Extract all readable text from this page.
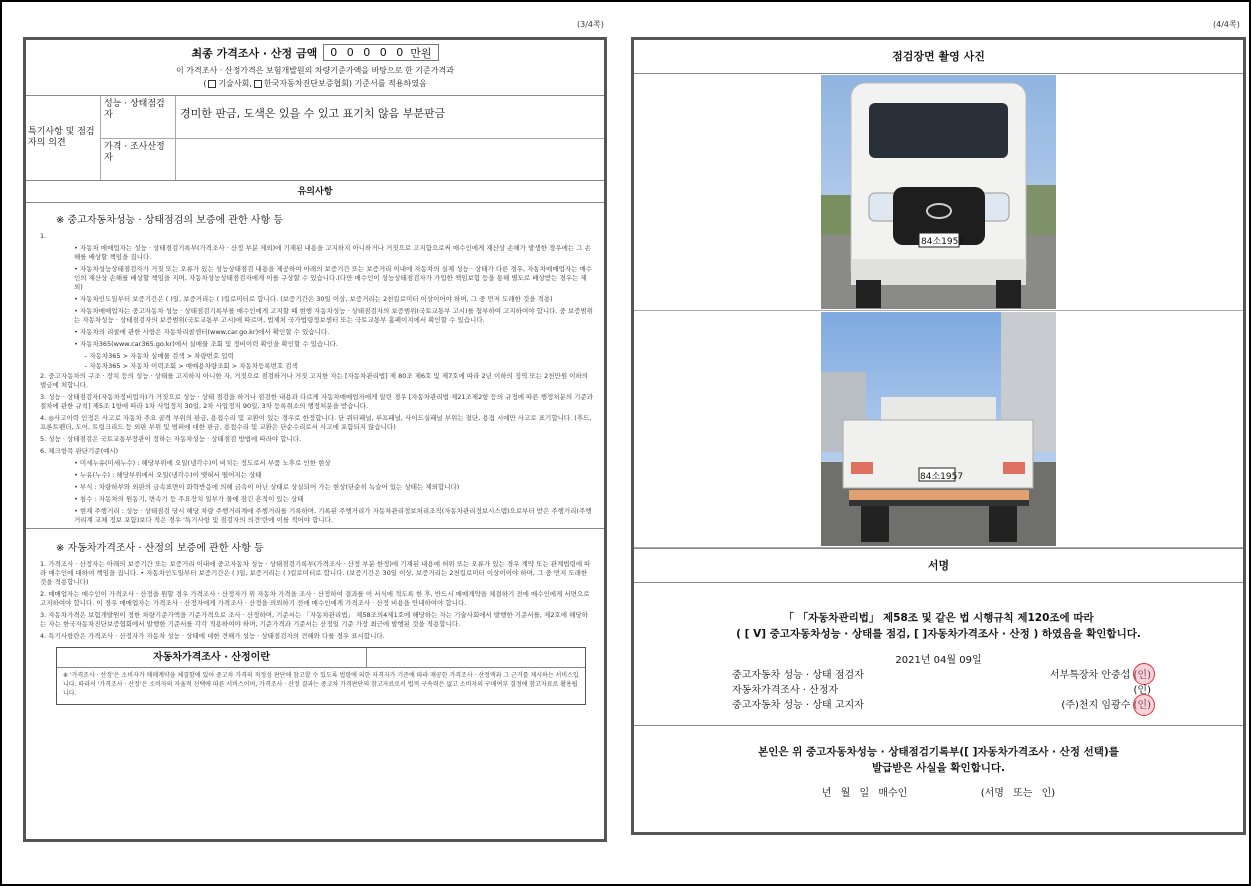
(3/4쪽)	(4/4쪽)
최종 가격조사 · 산정 금액 0 0 0 0 0 만원
이 가격조사 · 산정가격은 보험개발원의 차량기준가액을 바탕으로 한 기준가격과
( 기술사회, 한국자동차진단보증협회) 기준서를 적용하였음
특기사항 및 점검자의 의견
성능 · 상태점검자	경미한 판금, 도색은 있을 수 있고 표기치 않음 부분판금
가격 · 조사산정자
유의사항
※ 중고자동차성능 · 상태점검의 보증에 관한 사항 등
1.
• 자동차 매매업자는 성능 · 상태점검기록부(가격조사 · 산정 부분 제외)에 기재된 내용을 고지하지 아니하거나 거짓으로 고지함으로써 매수인에게 재산상 손해가 발생한 경우에는 그 손해를 배상할 책임을 집니다.
• 자동차성능상태점검자가 거짓 또는 오류가 있는 성능상태점검 내용을 제공하여 아래의 보증기간 또는 보증거리 이내에 자동차의 실제 성능 · 상태가 다른 경우, 자동차매매업자는 매수인의 재산상 손해를 배상할 책임을 지며, 자동차성능상태점검자에게 이를 구상할 수 있습니다.(다만 매수인이 성능상태점검자가 가입한 책임보험 등을 통해 별도로 배상받는 경우는 제외)
• 자동차인도일부터 보증기간은 ( )일, 보증거리는 ( )킬로미터로 합니다. (보증기간은 30일 이상, 보증거리는 2천킬로미터 이상이어야 하며, 그 중 먼저 도래한 것을 적용)
• 자동차매매업자는 중고자동차 성능 · 상태점검기록부를 매수인에게 고지할 때 현행 자동차성능 · 상태점검자의 보증범위(국토교통부 고시)를 첨부하여 고지하여야 합니다. 중 보증범위는 자동차성능 · 상태점검자의 보증범위(국토교통부 고시)에 따르며, 법제처 국가법령정보센터 또는 국토교통부 홈페이지에서 확인할 수 있습니다.
• 자동차의 리콜에 관한 사항은 자동차리콜센터(www.car.go.kr)에서 확인할 수 있습니다.
• 자동차365(www.car365.go.kr)에서 실매물 조회 및 정비이력 확인을 확인할 수 있습니다.
– 자동차365 > 자동차 실매물 검색 > 차량번호 입력
– 자동차365 > 자동차 이력조회 > 매매용차량조회 > 자동차등록번호 검색
2. 중고자동차의 구조 · 장치 등의 성능 · 상태를 고지하지 아니한 자, 거짓으로 점검하거나 거짓 고지한 자는 [자동차관리법] 제 80조 제6호 및 제7호에 따라 2년 이하의 징역 또는 2천만원 이하의 벌금에 처합니다.
3. 성능 · 상태점검자(자동차정비업자)가 거짓으로 성능 · 상태 점검을 하거나 점검한 내용과 다르게 자동차매매업자에게 알린 경우 [자동차관리법 제21조제2항 등의 규정에 따른 행정처분의 기준과 절차에 관한 규칙] 제5조 1항에 따라 1차 사업정지 30일, 2차 사업정지 90일, 3차 등록취소의 행정처분을 받습니다.
4. ◎사고이력 인정은 사고로 자동차 주요 골격 부위의 판금, 용접수리 및 교환이 있는 경우로 한정합니다. 단 쿼터패널, 루프패널, 사이드실패널 부위는 절단, 용접 시에만 사고로 표기합니다. (후드, 프론트펜더, 도어, 트렁크리드 등 외판 부위 및 범퍼에 대한 판금, 용접수리 및 교환은 단순수리로서 사고에 포함되지 않습니다)
5. 성능 · 상태점검은 국토교통부장관이 정하는 자동차성능 · 상태점검 방법에 따라야 합니다.
6. 체크항목 판단기준(예시)
• 미세누유(미세누수) : 해당부위에 오일(냉각수)이 비치는 정도로서 부품 노후로 인한 현상
• 누유(누수) : 해당부위에서 오일(냉각수)이 맺혀서 떨어지는 상태
• 부식 : 차량하부와 외판의 금속표면이 화학반응에 의해 금속이 아닌 상태로 상실되어 가는 현상(단순히 녹슬어 있는 상태는 제외합니다)
• 침수 : 자동차의 원동기, 변속기 등 주요장치 일부가 물에 잠긴 흔적이 있는 상태
• 현재 주행거리 : 성능 · 상태점검 당시 해당 차량 주행거리계에 주행거리를 기록하며, 기록된 주행거리가 자동차관리정보처리조직(자동차관리정보시스템)으로부터 받은 주행거리(주행거리계 교체 정보 포함)보다 적은 경우 '특기사항 및 점검자의 의견'란에 이를 적어야 합니다.
※ 자동차가격조사 · 산정의 보증에 관한 사항 등
1. 가격조사 · 산정자는 아래의 보증기간 또는 보증거리 이내에 중고자동차 성능 · 상태점검기록부(가격조사 · 산정 부분 한정)에 기재된 내용에 허위 또는 오류가 있는 경우 계약 또는 관계법령에 따라 매수인에 대하여 책임을 집니다. • 자동차인도일부터 보증기간은 ( )일, 보증거리는 ( )킬로미터로 합니다. (보증기간은 30일 이상, 보증거리는 2천킬로미터 이상이어야 하며, 그 중 먼저 도래한 것을 적용합니다)
2. 매매업자는 매수인이 가격조사 · 산정을 원할 경우 가격조사 · 산정자가 위 자동차 가격을 조사 · 산정하여 결과를 이 서식에 적도록 한 후, 반드시 매매계약을 체결하기 전에 매수인에게 서면으로 고지하여야 합니다. 이 경우 매매업자는 가격조사 · 산정자에게 가격조사 · 산정을 의뢰하기 전에 매수인에게 가격조사 · 산정 비용을 안내하여야 합니다.
3. 자동차가격은 보험개발원이 정한 차량기준가액을 기준가격으로 조사 · 산정하며, 기준서는 「자동차관리법」 제58조의4제1호에 해당하는 자는 기술사회에서 발행한 기준서를, 제2호에 해당하는 자는 한국자동차진단보증협회에서 발행한 기준서를 각각 적용하여야 하며, 기준가격과 기준서는 산정일 기준 가장 최근에 발행된 것을 적용합니다.
4. 특기사항란은 가격조사 · 산정자가 자동차 성능 · 상태에 대한 견해가 성능 · 상태점검자의 견해와 다를 경우 표시합니다.
자동차가격조사 · 산정이란
※ '가격조사 · 산정'은 소비자가 매매계약을 체결함에 있어 중고차 가격의 적정성 판단에 참고할 수 있도록 법령에 의한 자격자가 기준에 따라 제공한 가격조사 · 산정액과 그 근거를 제시하는 서비스입니다. 따라서 '가격조사 · 산정'은 소비자의 자율적 선택에 따른 서비스이며, 가격조사 · 산정 결과는 중고차 가격판단의 참고자료로서 법적 구속력은 없고 소비자의 구매여부 결정에 참고자료로 활용됩니다.
점검장면 촬영 사진
84소1957
84소1957
서명
「 「자동차관리법」 제58조 및 같은 법 시행규칙 제120조에 따라
( [ V] 중고자동차성능 · 상태를 점검, [ ]자동차가격조사 · 산정 ) 하였음을 확인합니다.
2021년 04월 09일
중고자동차 성능 · 상태 점검자	서부특장차 안중섭 (인)
자동차가격조사 · 산정자	(인)
중고자동차 성능 · 상태 고지자	(주)천지 임광수 (인)
본인은 위 중고자동차성능 · 상태점검기록부([ ]자동차가격조사 · 산정 선택)를
발급받은 사실을 확인합니다.
년 월 일 매수인	(서명 또는 인)
